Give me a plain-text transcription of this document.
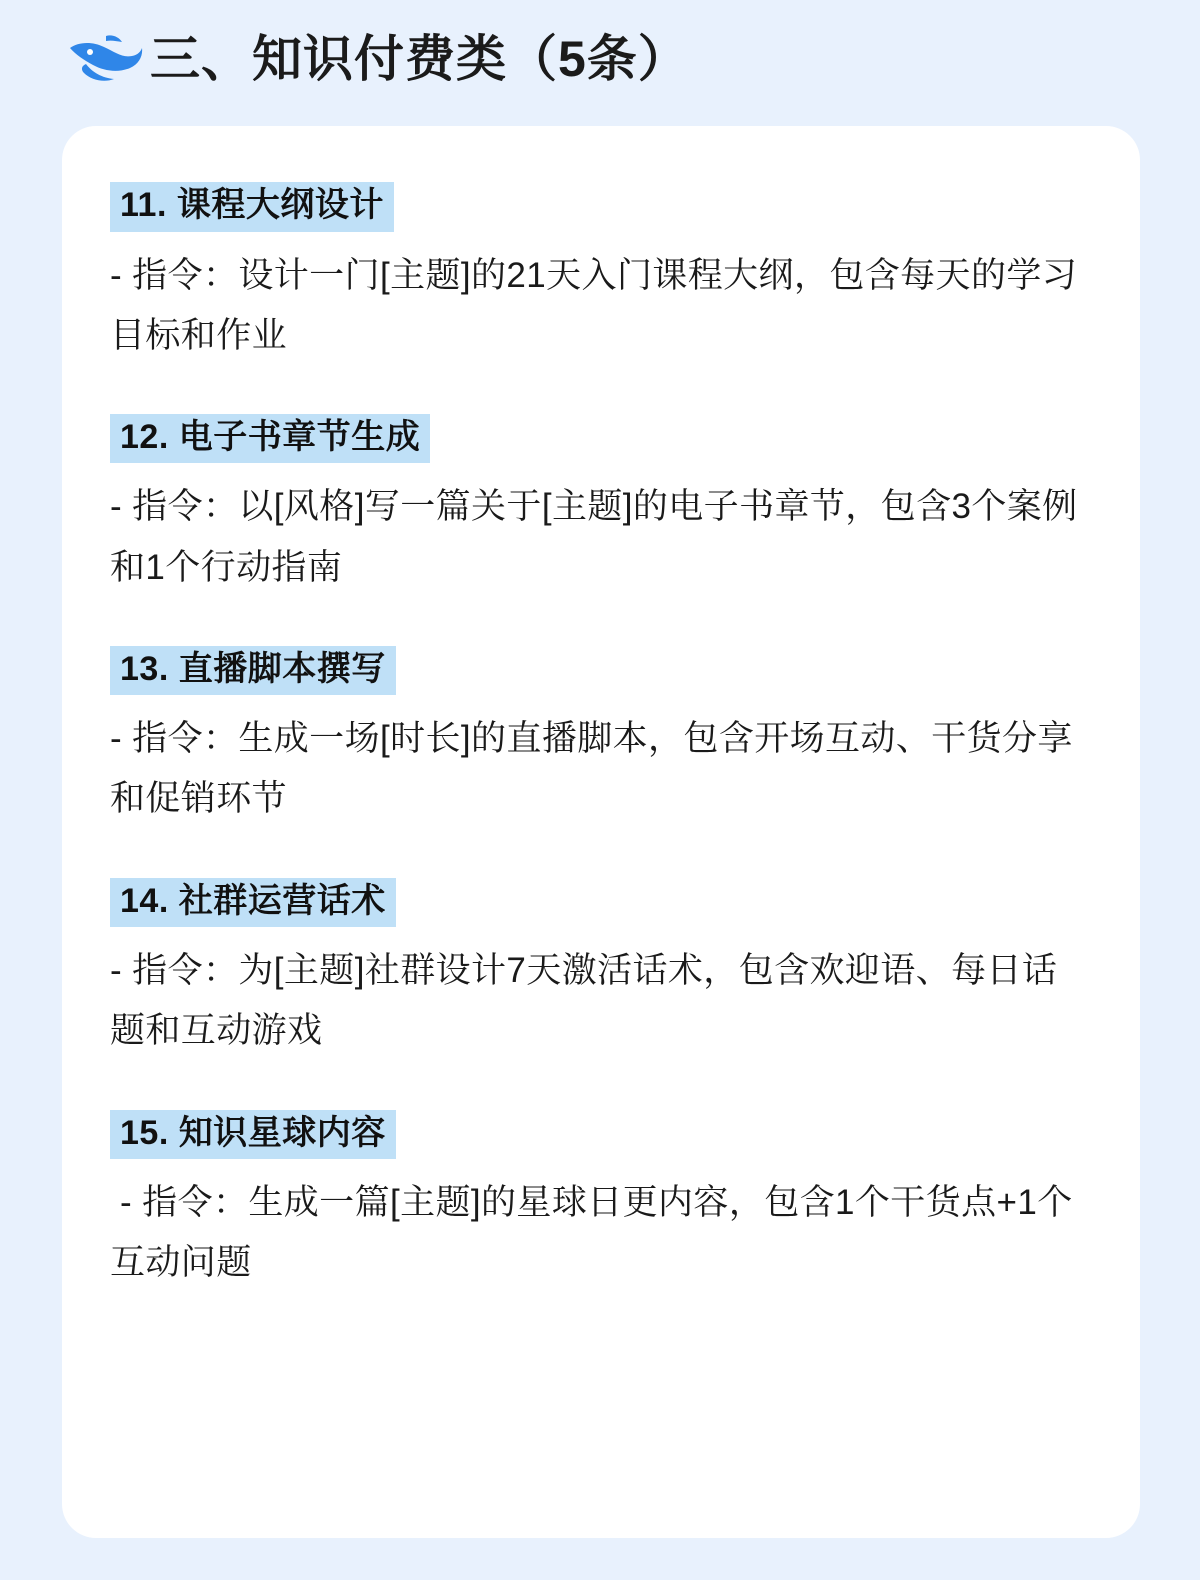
三、知识付费类（5条）
11. 课程大纲设计
- 指令：设计一门[主题]的21天入门课程大纲，包含每天的学习目标和作业
12. 电子书章节生成
- 指令：以[风格]写一篇关于[主题]的电子书章节，包含3个案例和1个行动指南
13. 直播脚本撰写
- 指令：生成一场[时长]的直播脚本，包含开场互动、干货分享和促销环节
14. 社群运营话术
- 指令：为[主题]社群设计7天激活话术，包含欢迎语、每日话题和互动游戏
15. 知识星球内容
- 指令：生成一篇[主题]的星球日更内容，包含1个干货点+1个互动问题
